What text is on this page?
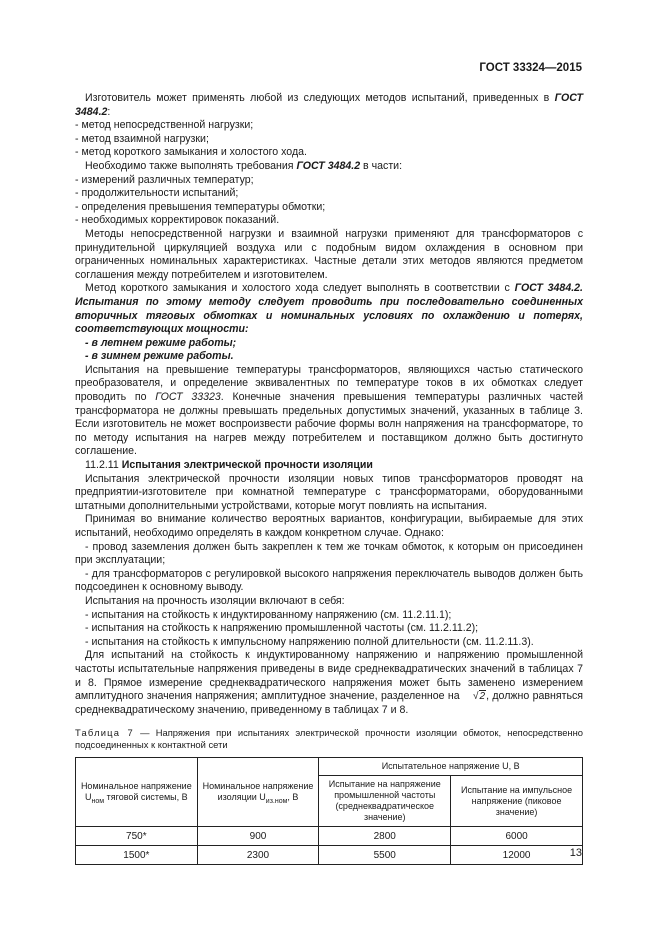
ГОСТ 33324—2015

Изготовитель может применять любой из следующих методов испытаний, приведенных в ГОСТ 3484.2:

- метод непосредственной нагрузки;

- метод взаимной нагрузки;

- метод короткого замыкания и холостого хода.

Необходимо также выполнять требования ГОСТ 3484.2 в части:

- измерений различных температур;

- продолжительности испытаний;

- определения превышения температуры обмотки;

- необходимых корректировок показаний.

Методы непосредственной нагрузки и взаимной нагрузки применяют для трансформаторов с принудительной циркуляцией воздуха или с подобным видом охлаждения в основном при ограниченных номинальных характеристиках. Частные детали этих методов являются предметом соглашения между потребителем и изготовителем.

Метод короткого замыкания и холостого хода следует выполнять в соответствии с ГОСТ 3484.2. Испытания по этому методу следует проводить при последовательно соединенных вторичных тяговых обмотках и номинальных условиях по охлаждению и потерях, соответствующих мощности:

- в летнем режиме работы;

- в зимнем режиме работы.

Испытания на превышение температуры трансформаторов, являющихся частью статического преобразователя, и определение эквивалентных по температуре токов в их обмотках следует проводить по ГОСТ 33323. Конечные значения превышения температуры различных частей трансформатора не должны превышать предельных допустимых значений, указанных в таблице 3. Если изготовитель не может воспроизвести рабочие формы волн напряжения на трансформаторе, то по методу испытания на нагрев между потребителем и поставщиком должно быть достигнуто соглашение.

11.2.11 Испытания электрической прочности изоляции

Испытания электрической прочности изоляции новых типов трансформаторов проводят на предприятии-изготовителе при комнатной температуре с трансформаторами, оборудованными штатными дополнительными устройствами, которые могут повлиять на испытания.

Принимая во внимание количество вероятных вариантов, конфигурации, выбираемые для этих испытаний, необходимо определять в каждом конкретном случае. Однако:

- провод заземления должен быть закреплен к тем же точкам обмоток, к которым он присоединен при эксплуатации;

- для трансформаторов с регулировкой высокого напряжения переключатель выводов должен быть подсоединен к основному выводу.

Испытания на прочность изоляции включают в себя:

- испытания на стойкость к индуктированному напряжению (см. 11.2.11.1);

- испытания на стойкость к напряжению промышленной частоты (см. 11.2.11.2);

- испытания на стойкость к импульсному напряжению полной длительности (см. 11.2.11.3).

Для испытаний на стойкость к индуктированному напряжению и напряжению промышленной частоты испытательные напряжения приведены в виде среднеквадратических значений в таблицах 7 и 8. Прямое измерение среднеквадратического напряжения может быть заменено измерением амплитудного значения напряжения; амплитудное значение, разделенное на √2, должно равняться среднеквадратическому значению, приведенному в таблицах 7 и 8.

Таблица 7 — Напряжения при испытаниях электрической прочности изоляции обмоток, непосредственно подсоединенных к контактной сети

Номинальное напряжение $U_{ном}$ тяговой системы, В	Номинальное напряжение изоляции $U_{из.ном}$, В	Испытательное напряжение U, В	
		Испытание на напряжение промышленной частоты (среднеквадратическое значение)	Испытание на импульсное напряжение (пиковое значение)
750*	900	2800	6000
1500*	2300	5500	12000	13
